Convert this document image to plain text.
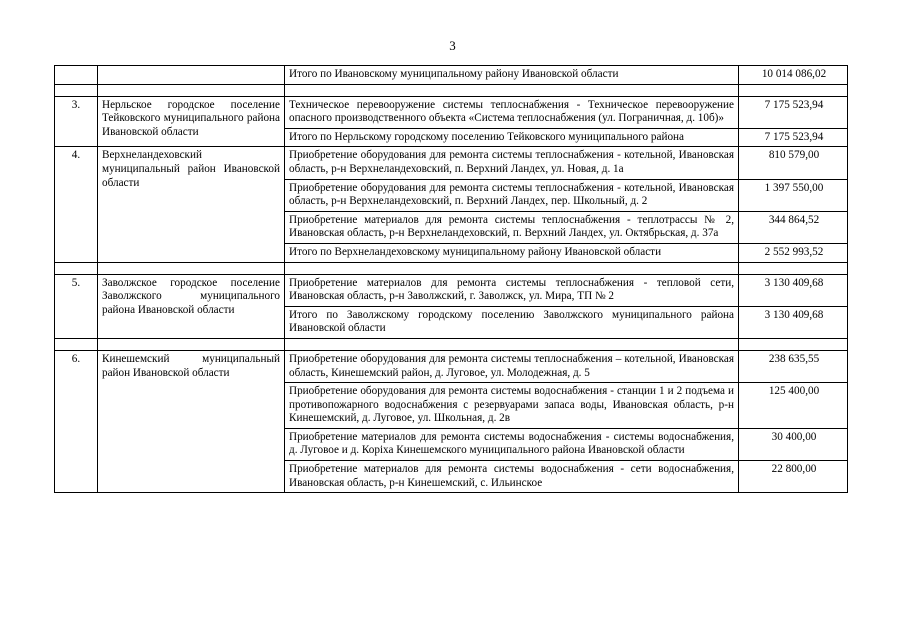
3
		Итого по Ивановскому муниципальному району Ивановской области	10 014 086,02

3.	Нерльское городское поселение Тейковского муниципального района Ивановской области	Техническое перевооружение системы теплоснабжения - Техническое перевооружение опасного производственного объекта «Система теплоснабжения (ул. Пограничная, д. 10б)»	7 175 523,94
		Итого по Нерльскому городскому поселению Тейковского муниципального района	7 175 523,94
4.	Верхнеландеховский муниципальный район Ивановской области	Приобретение оборудования для ремонта системы теплоснабжения - котельной, Ивановская область, р-н Верхнеландеховский, п. Верхний Ландех, ул. Новая, д. 1а	810 579,00
		Приобретение оборудования для ремонта системы теплоснабжения - котельной, Ивановская область, р-н Верхнеландеховский, п. Верхний Ландех, пер. Школьный, д. 2	1 397 550,00
		Приобретение материалов для ремонта системы теплоснабжения - теплотрассы № 2, Ивановская область, р-н Верхнеландеховский, п. Верхний Ландех, ул. Октябрьская, д. 37а	344 864,52
		Итого по Верхнеландеховскому муниципальному району Ивановской области	2 552 993,52

5.	Заволжское городское поселение Заволжского муниципального района Ивановской области	Приобретение материалов для ремонта системы теплоснабжения - тепловой сети, Ивановская область, р-н Заволжский, г. Заволжск, ул. Мира, ТП № 2	3 130 409,68
		Итого по Заволжскому городскому поселению Заволжского муниципального района Ивановской области	3 130 409,68

6.	Кинешемский муниципальный район Ивановской области	Приобретение оборудования для ремонта системы теплоснабжения – котельной, Ивановская область, Кинешемский район, д. Луговое, ул. Молодежная, д. 5	238 635,55
		Приобретение оборудования для ремонта системы водоснабжения - станции 1 и 2 подъема и противопожарного водоснабжения с резервуарами запаса воды, Ивановская область, р-н Кинешемский, д. Луговое, ул. Школьная, д. 2в	125 400,00
		Приобретение материалов для ремонта системы водоснабжения - системы водоснабжения, д. Луговое и д. Корiха Кинешемского муниципального района Ивановской области	30 400,00
		Приобретение материалов для ремонта системы водоснабжения - сети водоснабжения, Ивановская область, р-н Кинешемский, с. Ильинское	22 800,00
